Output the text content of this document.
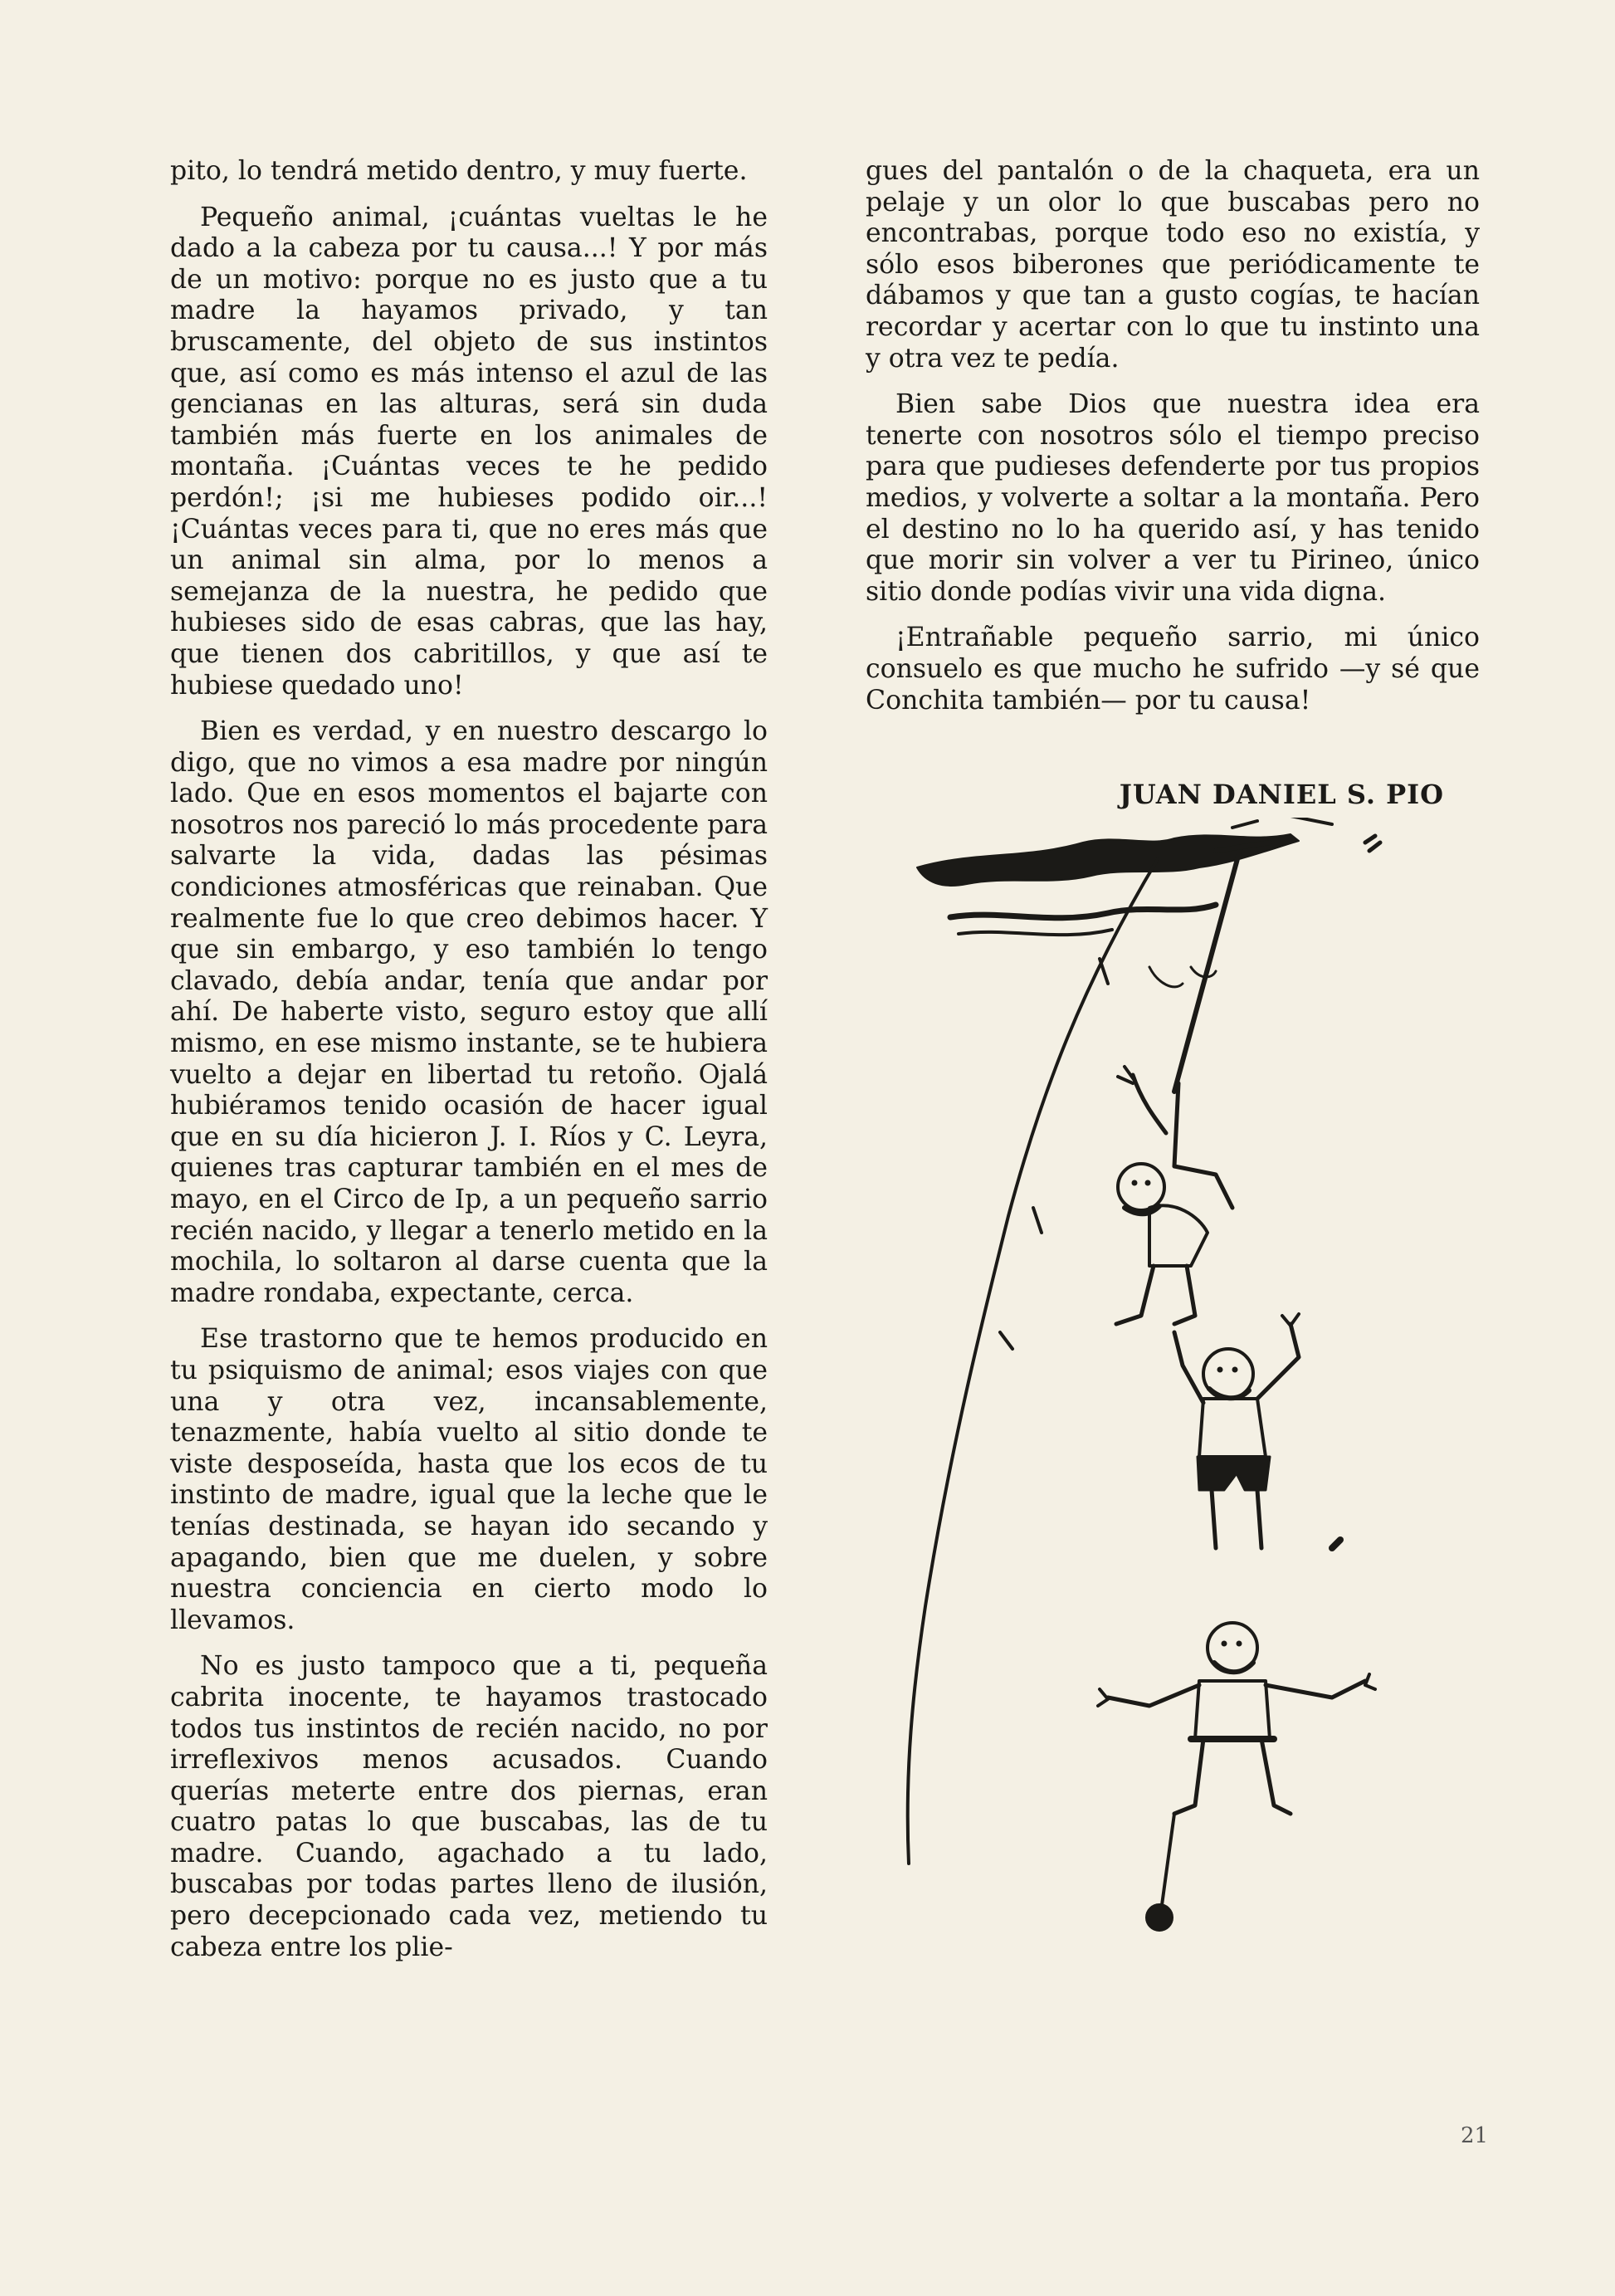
pito, lo tendrá metido dentro, y muy fuerte.

Pequeño animal, ¡cuántas vueltas le he dado a la cabeza por tu causa...! Y por más de un motivo: porque no es justo que a tu madre la hayamos privado, y tan bruscamente, del objeto de sus instintos que, así como es más intenso el azul de las gencianas en las alturas, será sin duda también más fuerte en los animales de montaña. ¡Cuántas veces te he pedido perdón!; ¡si me hubieses podido oir...! ¡Cuántas veces para ti, que no eres más que un animal sin alma, por lo menos a semejanza de la nuestra, he pedido que hubieses sido de esas cabras, que las hay, que tienen dos cabritillos, y que así te hubiese quedado uno!

Bien es verdad, y en nuestro descargo lo digo, que no vimos a esa madre por ningún lado. Que en esos momentos el bajarte con nosotros nos pareció lo más procedente para salvarte la vida, dadas las pésimas condiciones atmosféricas que reinaban. Que realmente fue lo que creo debimos hacer. Y que sin embargo, y eso también lo tengo clavado, debía andar, tenía que andar por ahí. De haberte visto, seguro estoy que allí mismo, en ese mismo instante, se te hubiera vuelto a dejar en libertad tu retoño. Ojalá hubiéramos tenido ocasión de hacer igual que en su día hicieron J. I. Ríos y C. Leyra, quienes tras capturar también en el mes de mayo, en el Circo de Ip, a un pequeño sarrio recién nacido, y llegar a tenerlo metido en la mochila, lo soltaron al darse cuenta que la madre rondaba, expectante, cerca.

Ese trastorno que te hemos producido en tu psiquismo de animal; esos viajes con que una y otra vez, incansablemente, tenazmente, había vuelto al sitio donde te viste desposeída, hasta que los ecos de tu instinto de madre, igual que la leche que le tenías destinada, se hayan ido secando y apagando, bien que me duelen, y sobre nuestra conciencia en cierto modo lo llevamos.

No es justo tampoco que a ti, pequeña cabrita inocente, te hayamos trastocado todos tus instintos de recién nacido, no por irreflexivos menos acusados. Cuando querías meterte entre dos piernas, eran cuatro patas lo que buscabas, las de tu madre. Cuando, agachado a tu lado, buscabas por todas partes lleno de ilusión, pero decepcionado cada vez, metiendo tu cabeza entre los plie-

gues del pantalón o de la chaqueta, era un pelaje y un olor lo que buscabas pero no encontrabas, porque todo eso no existía, y sólo esos biberones que periódicamente te dábamos y que tan a gusto cogías, te hacían recordar y acertar con lo que tu instinto una y otra vez te pedía.

Bien sabe Dios que nuestra idea era tenerte con nosotros sólo el tiempo preciso para que pudieses defenderte por tus propios medios, y volverte a soltar a la montaña. Pero el destino no lo ha querido así, y has tenido que morir sin volver a ver tu Pirineo, único sitio donde podías vivir una vida digna.

¡Entrañable pequeño sarrio, mi único consuelo es que mucho he sufrido —y sé que Conchita también— por tu causa!

JUAN DANIEL S. PIO
21
